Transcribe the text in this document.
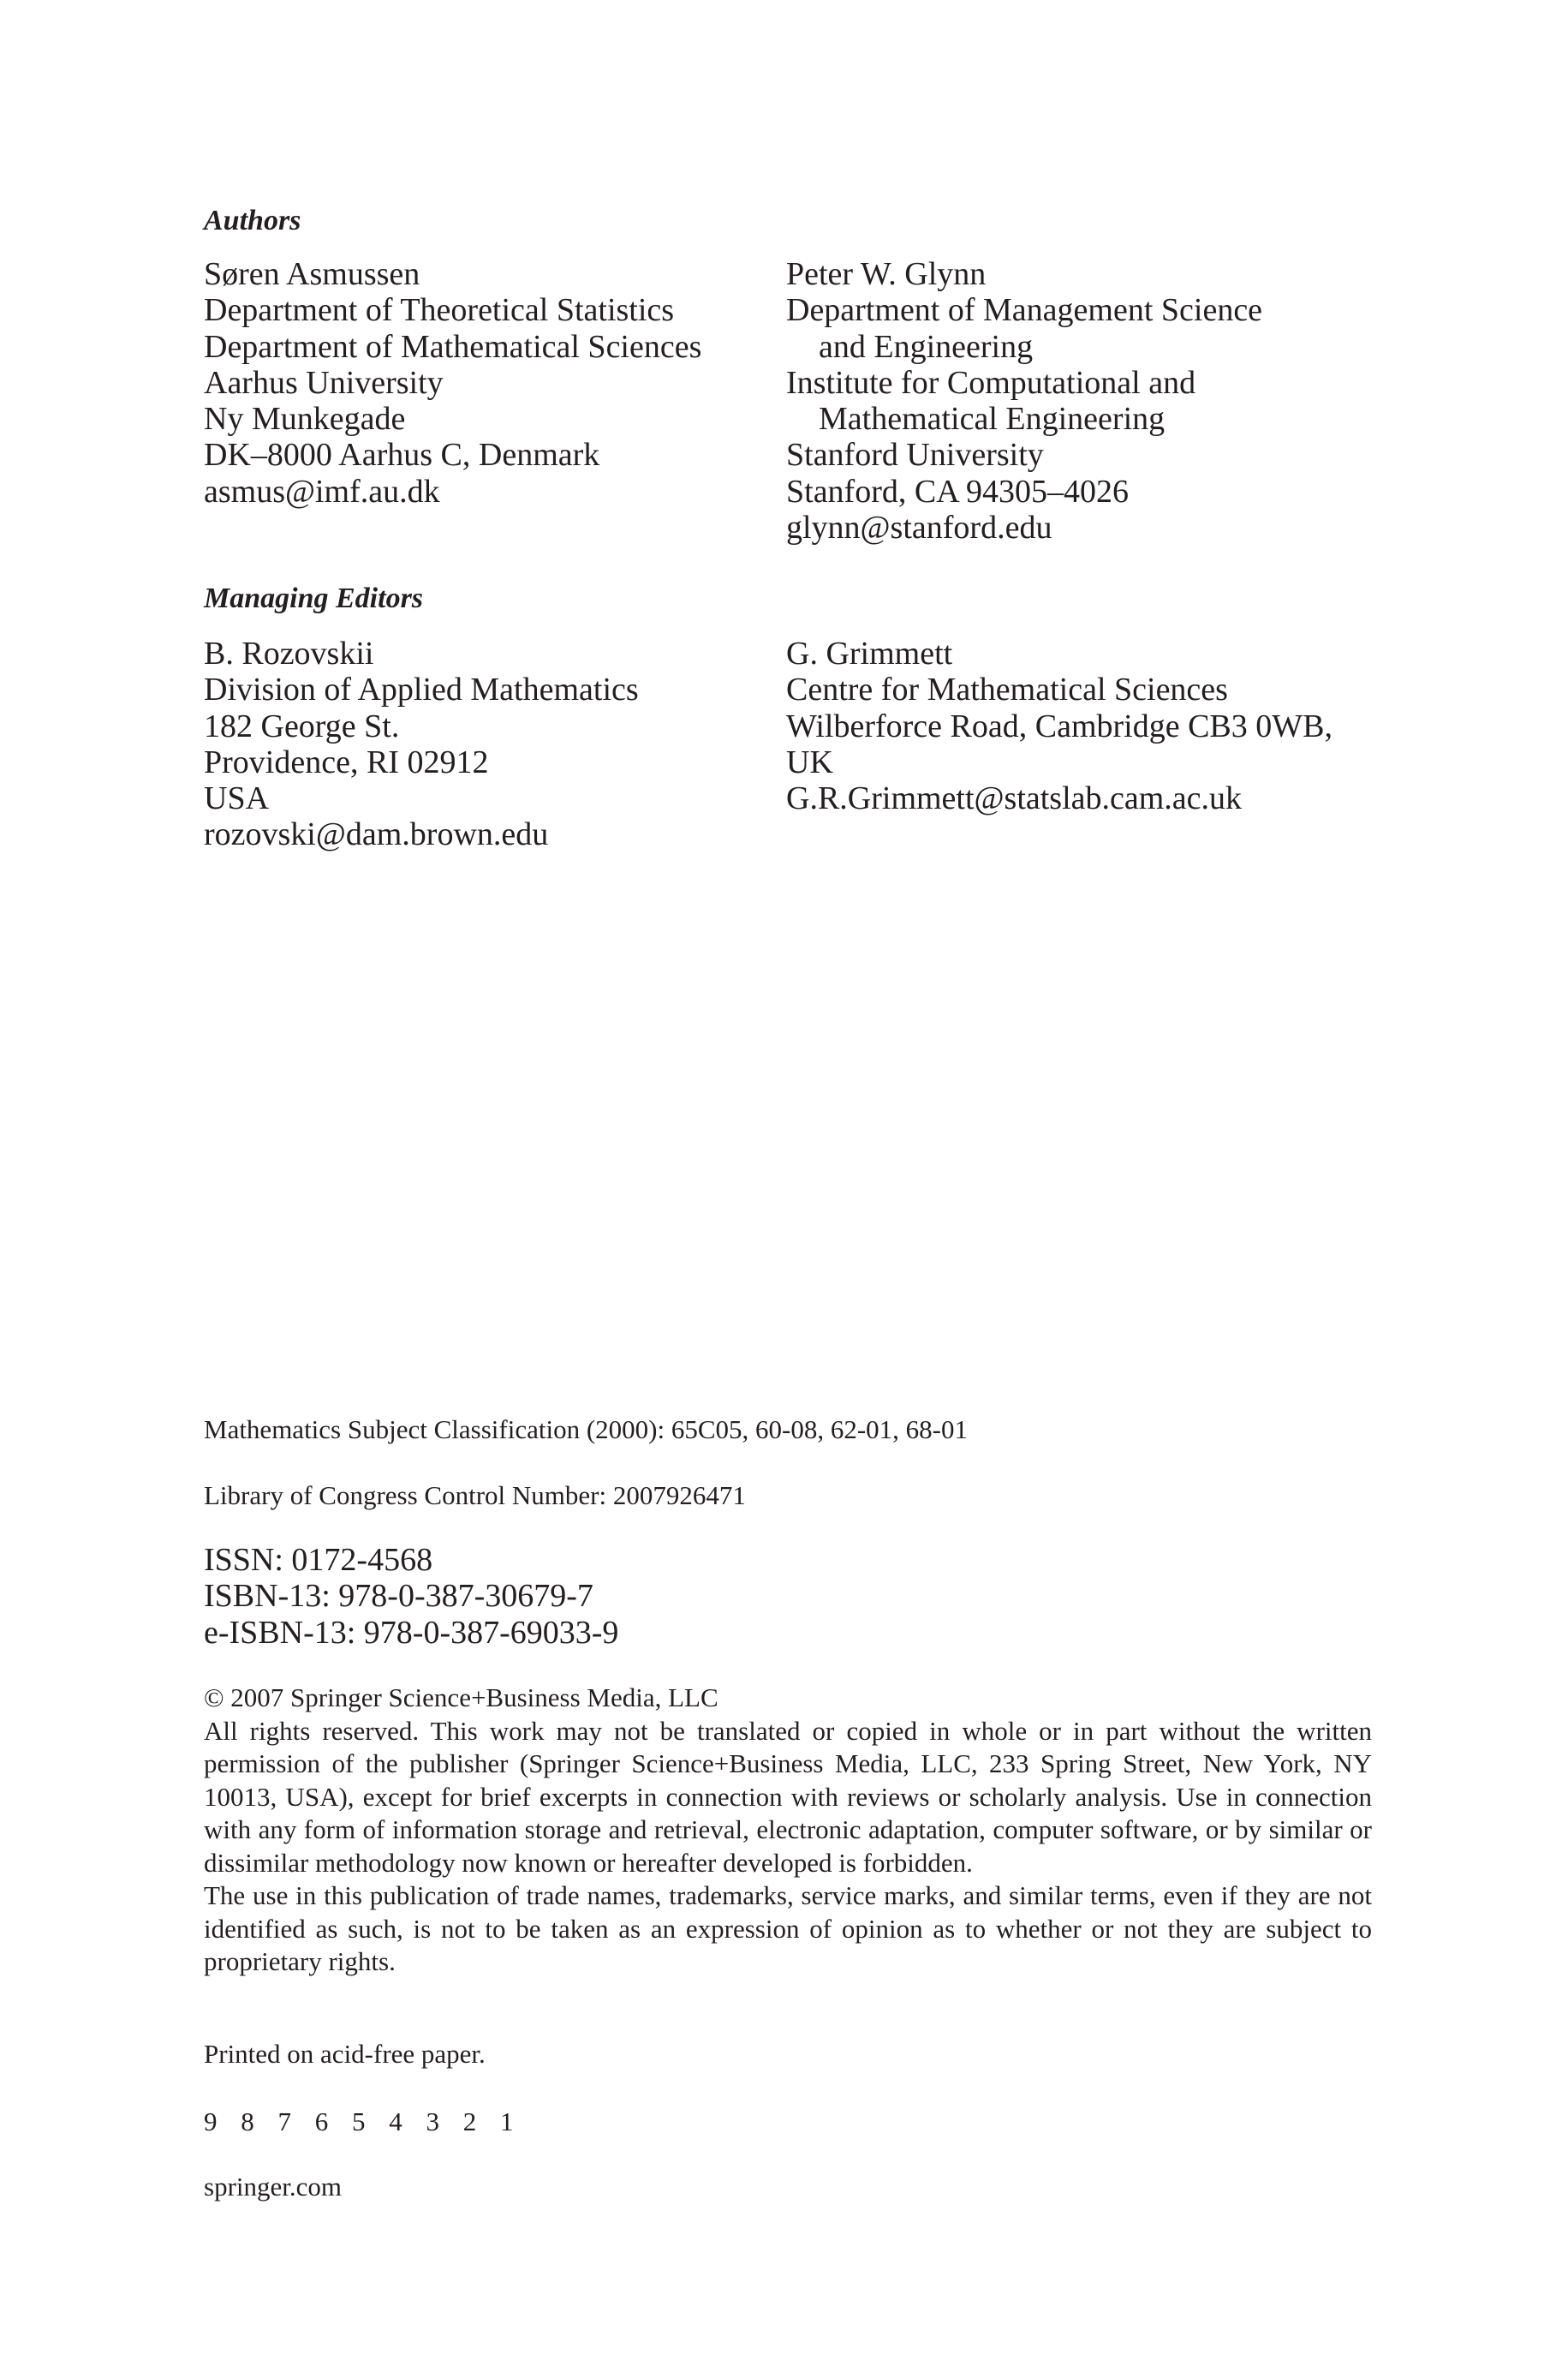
Authors
Søren Asmussen
Department of Theoretical Statistics
Department of Mathematical Sciences
Aarhus University
Ny Munkegade
DK–8000 Aarhus C, Denmark
asmus@imf.au.dk
Peter W. Glynn
Department of Management Science
and Engineering
Institute for Computational and
Mathematical Engineering
Stanford University
Stanford, CA 94305–4026
glynn@stanford.edu
Managing Editors
B. Rozovskii
Division of Applied Mathematics
182 George St.
Providence, RI 02912
USA
rozovski@dam.brown.edu
G. Grimmett
Centre for Mathematical Sciences
Wilberforce Road, Cambridge CB3 0WB,
UK
G.R.Grimmett@statslab.cam.ac.uk

Mathematics Subject Classification (2000): 65C05, 60-08, 62-01, 68-01

Library of Congress Control Number: 2007926471

ISSN: 0172-4568
ISBN-13: 978-0-387-30679-7
e-ISBN-13: 978-0-387-69033-9

© 2007 Springer Science+Business Media, LLC

All rights reserved. This work may not be translated or copied in whole or in part without the written permission of the publisher (Springer Science+Business Media, LLC, 233 Spring Street, New York, NY 10013, USA), except for brief excerpts in connection with reviews or scholarly analysis. Use in connection with any form of information storage and retrieval, electronic adaptation, computer software, or by similar or dissimilar methodology now known or hereafter developed is forbidden.

The use in this publication of trade names, trademarks, service marks, and similar terms, even if they are not identified as such, is not to be taken as an expression of opinion as to whether or not they are subject to proprietary rights.

Printed on acid-free paper.

9 8 7 6 5 4 3 2 1

springer.com
